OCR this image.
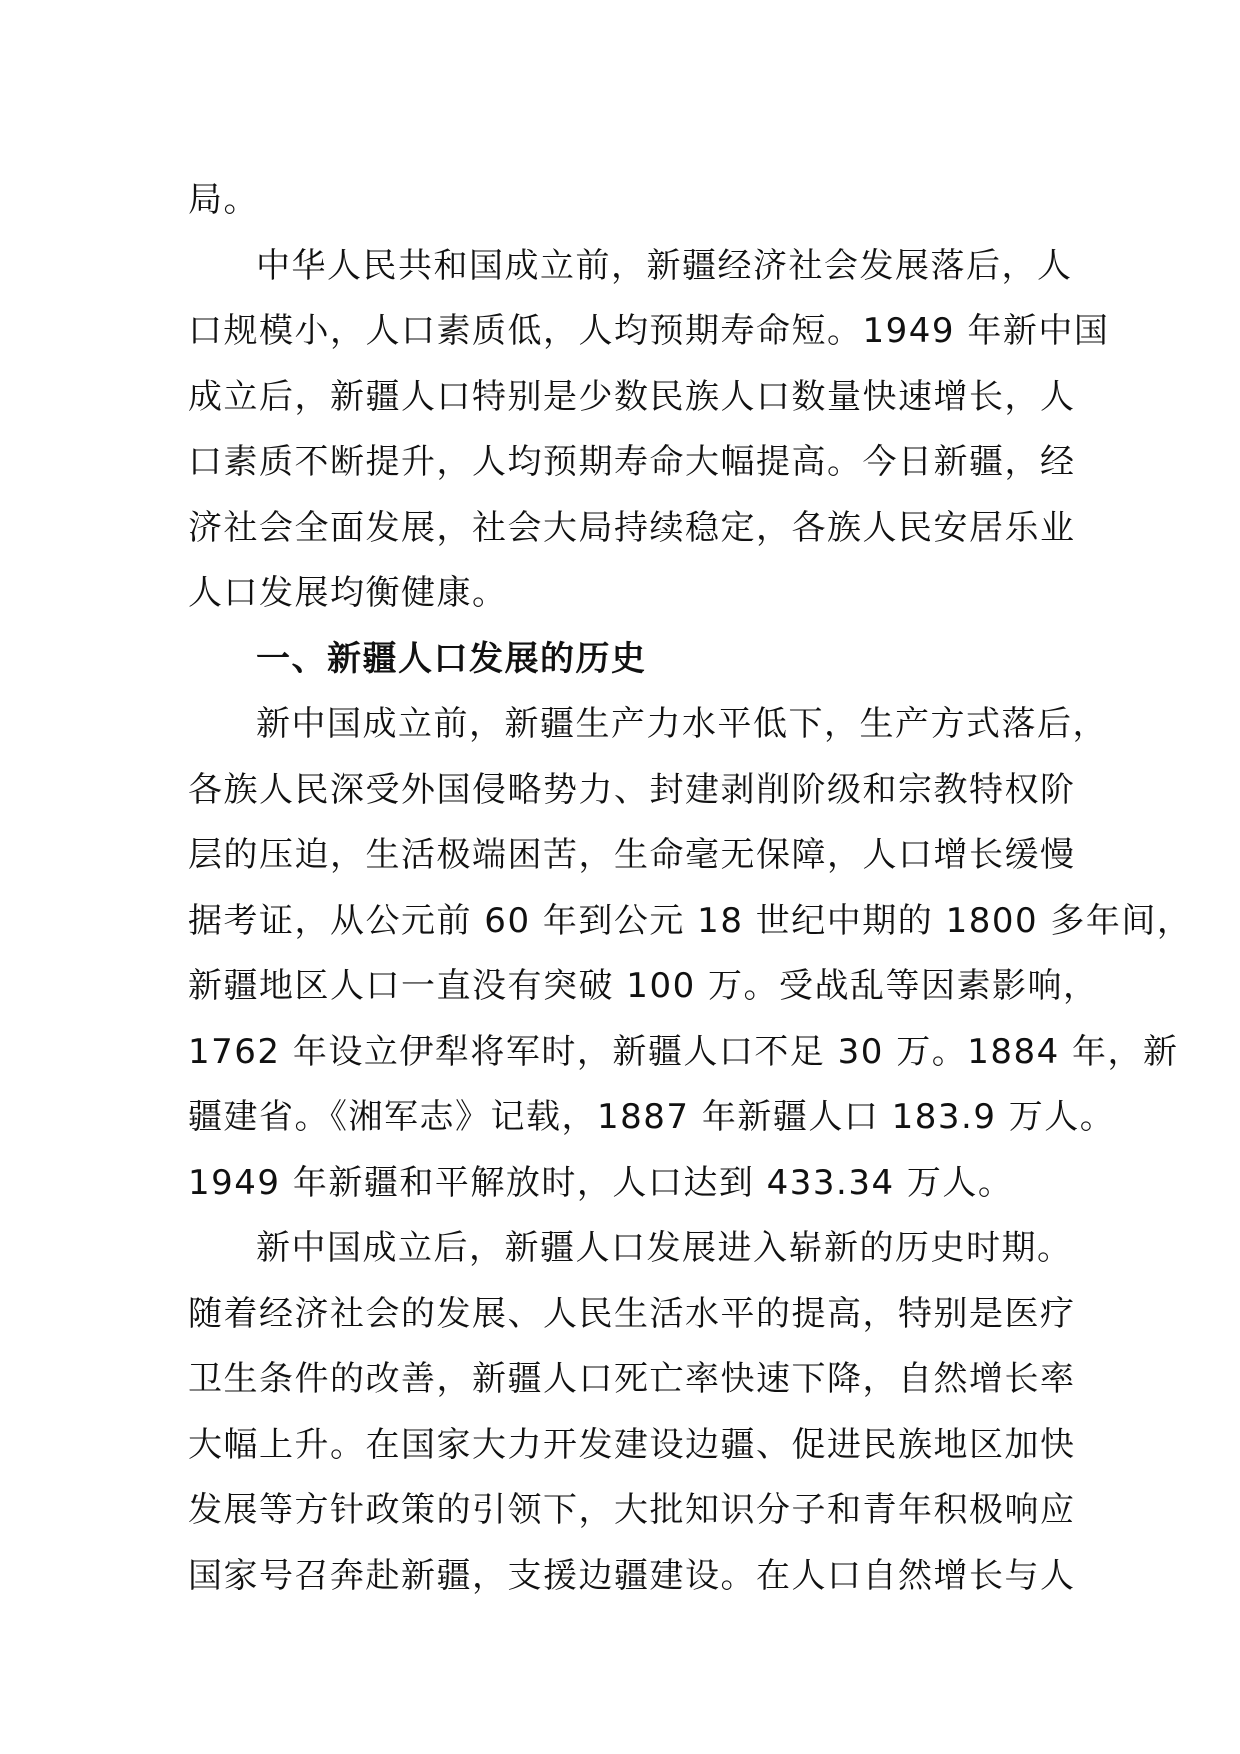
局。
中华人民共和国成立前，新疆经济社会发展落后，人
口规模小，人口素质低，人均预期寿命短。1949 年新中国
成立后，新疆人口特别是少数民族人口数量快速增长，人
口素质不断提升，人均预期寿命大幅提高。今日新疆，经
济社会全面发展，社会大局持续稳定，各族人民安居乐业
人口发展均衡健康。
一、新疆人口发展的历史
新中国成立前，新疆生产力水平低下，生产方式落后，
各族人民深受外国侵略势力、封建剥削阶级和宗教特权阶
层的压迫，生活极端困苦，生命毫无保障，人口增长缓慢
据考证，从公元前 60 年到公元 18 世纪中期的 1800 多年间，
新疆地区人口一直没有突破 100 万。受战乱等因素影响，
1762 年设立伊犁将军时，新疆人口不足 30 万。1884 年，新
疆建省。《湘军志》记载，1887 年新疆人口 183.9 万人。
1949 年新疆和平解放时，人口达到 433.34 万人。
新中国成立后，新疆人口发展进入崭新的历史时期。
随着经济社会的发展、人民生活水平的提高，特别是医疗
卫生条件的改善，新疆人口死亡率快速下降，自然增长率
大幅上升。在国家大力开发建设边疆、促进民族地区加快
发展等方针政策的引领下，大批知识分子和青年积极响应
国家号召奔赴新疆，支援边疆建设。在人口自然增长与人
